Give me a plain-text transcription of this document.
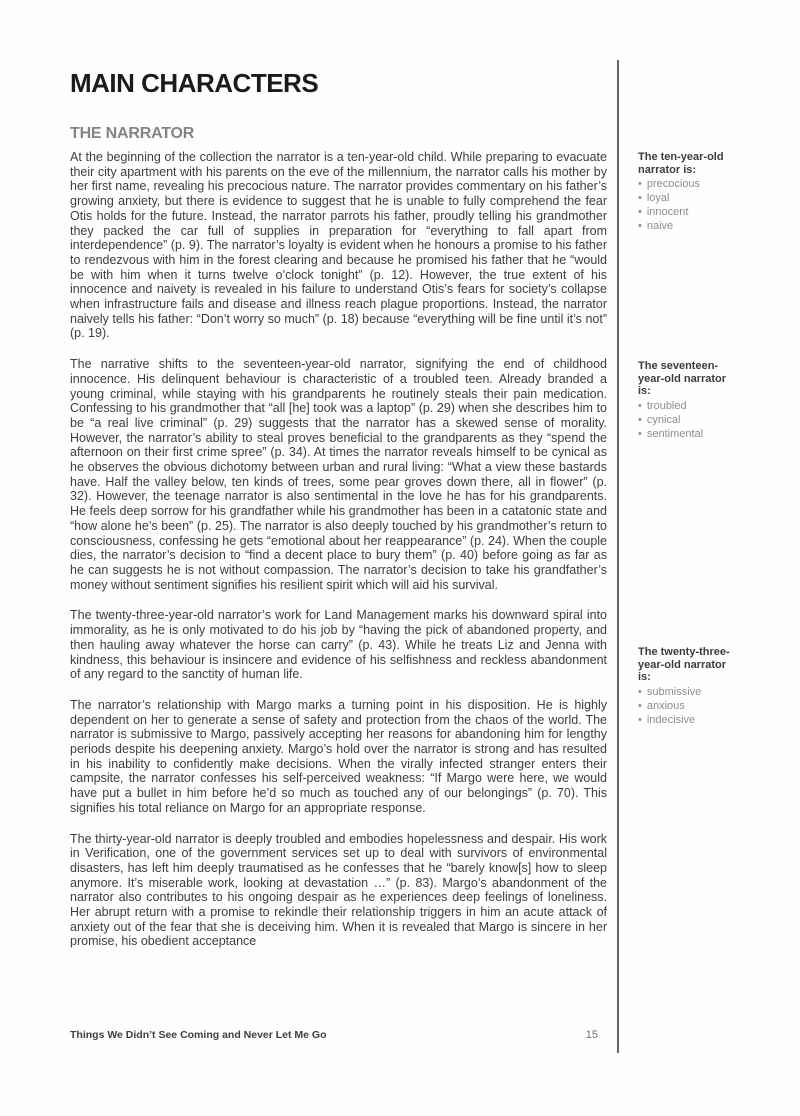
MAIN CHARACTERS
THE NARRATOR

At the beginning of the collection the narrator is a ten-year-old child. While preparing to evacuate their city apartment with his parents on the eve of the millennium, the narrator calls his mother by her first name, revealing his precocious nature. The narrator provides commentary on his father’s growing anxiety, but there is evidence to suggest that he is unable to fully comprehend the fear Otis holds for the future. Instead, the narrator parrots his father, proudly telling his grandmother they packed the car full of supplies in preparation for “everything to fall apart from interdependence” (p. 9). The narrator’s loyalty is evident when he honours a promise to his father to rendezvous with him in the forest clearing and because he promised his father that he “would be with him when it turns twelve o’clock tonight” (p. 12). However, the true extent of his innocence and naivety is revealed in his failure to understand Otis’s fears for society’s collapse when infrastructure fails and disease and illness reach plague proportions. Instead, the narrator naively tells his father: “Don’t worry so much” (p. 18) because “everything will be fine until it’s not” (p. 19).

The narrative shifts to the seventeen-year-old narrator, signifying the end of childhood innocence. His delinquent behaviour is characteristic of a troubled teen. Already branded a young criminal, while staying with his grandparents he routinely steals their pain medication. Confessing to his grandmother that “all [he] took was a laptop” (p. 29) when she describes him to be “a real live criminal” (p. 29) suggests that the narrator has a skewed sense of morality. However, the narrator’s ability to steal proves beneficial to the grandparents as they “spend the afternoon on their first crime spree” (p. 34). At times the narrator reveals himself to be cynical as he observes the obvious dichotomy between urban and rural living: “What a view these bastards have. Half the valley below, ten kinds of trees, some pear groves down there, all in flower” (p. 32). However, the teenage narrator is also sentimental in the love he has for his grandparents. He feels deep sorrow for his grandfather while his grandmother has been in a catatonic state and “how alone he’s been” (p. 25). The narrator is also deeply touched by his grandmother’s return to consciousness, confessing he gets “emotional about her reappearance” (p. 24). When the couple dies, the narrator’s decision to “find a decent place to bury them” (p. 40) before going as far as he can suggests he is not without compassion. The narrator’s decision to take his grandfather’s money without sentiment signifies his resilient spirit which will aid his survival.

The twenty-three-year-old narrator’s work for Land Management marks his downward spiral into immorality, as he is only motivated to do his job by “having the pick of abandoned property, and then hauling away whatever the horse can carry” (p. 43). While he treats Liz and Jenna with kindness, this behaviour is insincere and evidence of his selfishness and reckless abandonment of any regard to the sanctity of human life.

The narrator’s relationship with Margo marks a turning point in his disposition. He is highly dependent on her to generate a sense of safety and protection from the chaos of the world. The narrator is submissive to Margo, passively accepting her reasons for abandoning him for lengthy periods despite his deepening anxiety. Margo’s hold over the narrator is strong and has resulted in his inability to confidently make decisions. When the virally infected stranger enters their campsite, the narrator confesses his self-perceived weakness: “If Margo were here, we would have put a bullet in him before he’d so much as touched any of our belongings” (p. 70). This signifies his total reliance on Margo for an appropriate response.

The thirty-year-old narrator is deeply troubled and embodies hopelessness and despair. His work in Verification, one of the government services set up to deal with survivors of environmental disasters, has left him deeply traumatised as he confesses that he “barely know[s] how to sleep anymore. It’s miserable work, looking at devastation …” (p. 83). Margo’s abandonment of the narrator also contributes to his ongoing despair as he experiences deep feelings of loneliness. Her abrupt return with a promise to rekindle their relationship triggers in him an acute attack of anxiety out of the fear that she is deceiving him. When it is revealed that Margo is sincere in her promise, his obedient acceptance

The ten-year-old narrator is:

• precocious
• loyal
• innocent
• naive

The seventeen-year-old narrator is:

• troubled
• cynical
• sentimental

The twenty-three-year-old narrator is:

• submissive
• anxious
• indecisive
Things We Didn’t See Coming and Never Let Me Go	15
